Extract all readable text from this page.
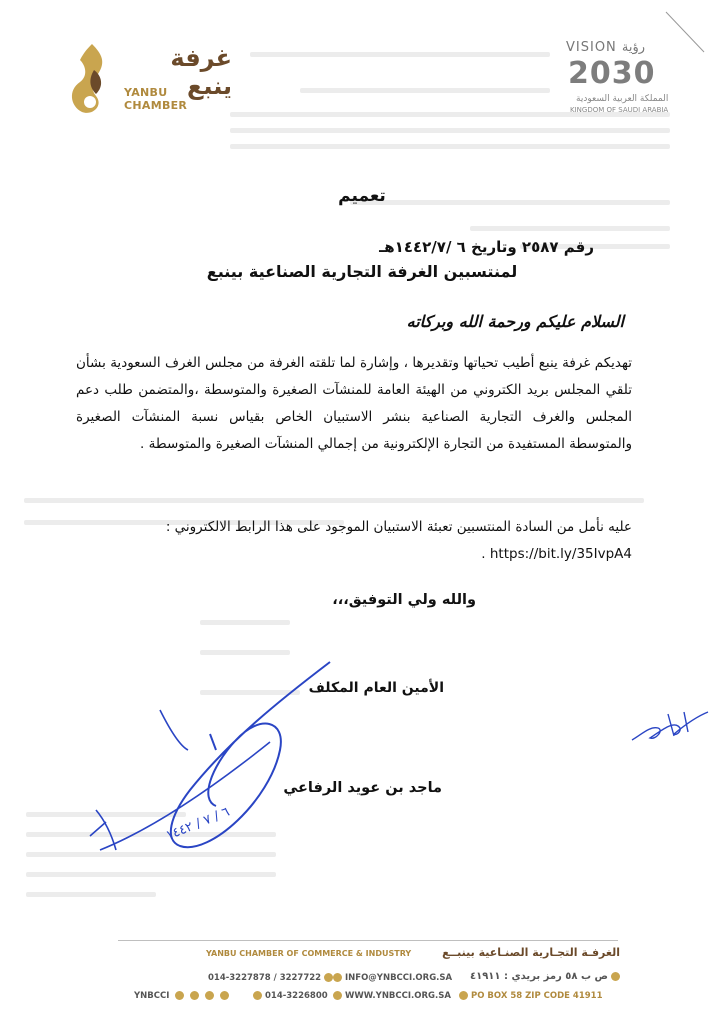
غرفة ينبع
YANBU CHAMBER
VISION رؤية
2030
المملكة العربية السعودية
KINGDOM OF SAUDI ARABIA
تعميم
رقم ٢٥٨٧ وتاريخ ٦ /١٤٤٢/٧هـ
لمنتسبين الغرفة التجارية الصناعية بينبع
السلام عليكم ورحمة الله وبركاته
تهديكم غرفة ينبع أطيب تحياتها وتقديرها ، وإشارة لما تلقته الغرفة من مجلس الغرف السعودية بشأن تلقي المجلس بريد الكتروني من الهيئة العامة للمنشآت الصغيرة والمتوسطة ،والمتضمن طلب دعم المجلس والغرف التجارية الصناعية بنشر الاستبيان الخاص بقياس نسبة المنشآت الصغيرة والمتوسطة المستفيدة من التجارة الإلكترونية من إجمالي المنشآت الصغيرة والمتوسطة .
عليه نأمل من السادة المنتسبين تعبئة الاستبيان الموجود على هذا الرابط الالكتروني : https://bit.ly/35IvpA4 .
والله ولي التوفيق،،،
الأمين العام المكلف
ماجد بن عويد الرفاعي
٦ / ٧ / ١٤٤٢
YANBU CHAMBER OF COMMERCE & INDUSTRY	الغرفـة التجـارية الصنـاعية بينبــع
014-3227878 / 3227722	INFO@YNBCCI.ORG.SA ص ب ٥٨ رمز بريدي : ٤١٩١١
YNBCCI	014-3226800	WWW.YNBCCI.ORG.SA	PO BOX 58 ZIP CODE 41911
